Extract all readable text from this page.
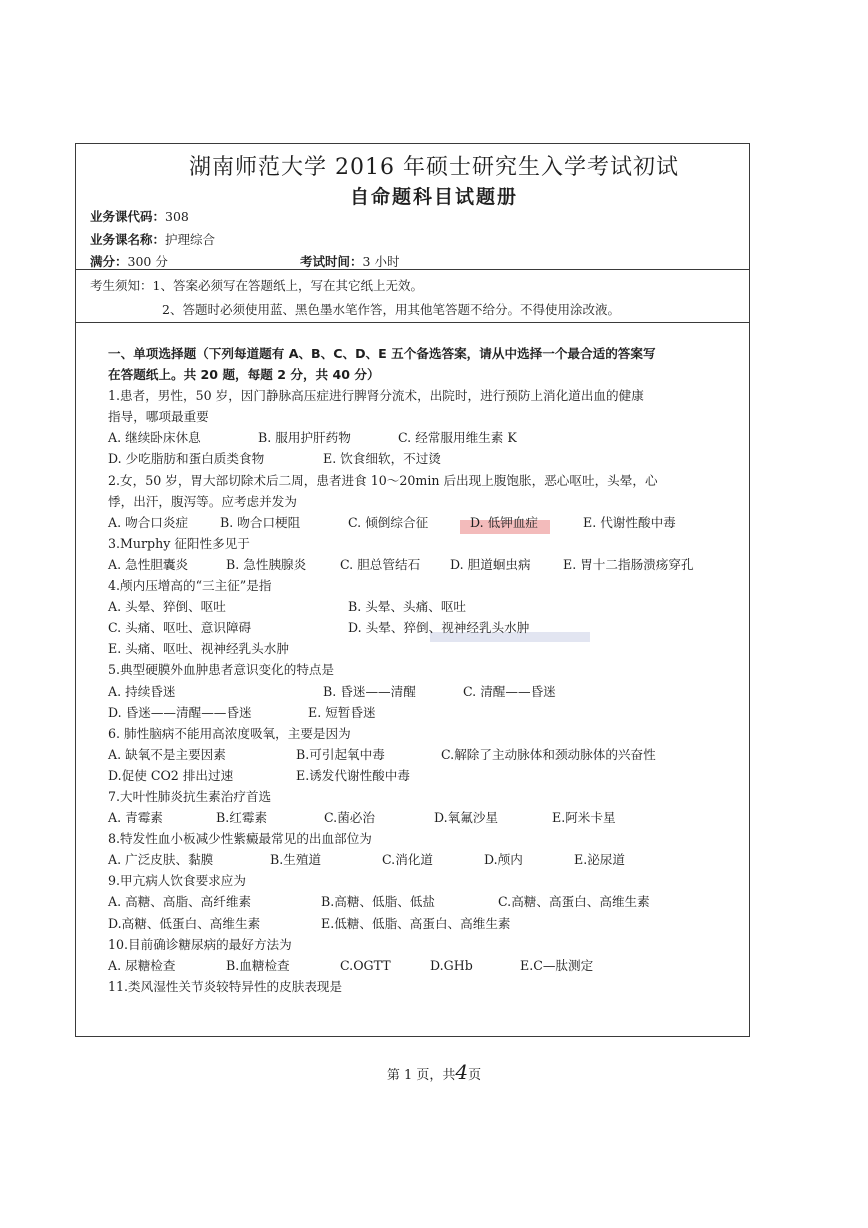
湖南师范大学 2016 年硕士研究生入学考试初试
自命题科目试题册
业务课代码：308
业务课名称：护理综合
满分：300 分	考试时间：3 小时
考生须知：1、答案必须写在答题纸上，写在其它纸上无效。
2、答题时必须使用蓝、黑色墨水笔作答，用其他笔答题不给分。不得使用涂改液。
一、单项选择题（下列每道题有 A、B、C、D、E 五个备选答案，请从中选择一个最合适的答案写
在答题纸上。共 20 题，每题 2 分，共 40 分）
1.患者，男性，50 岁，因门静脉高压症进行脾肾分流术，出院时，进行预防上消化道出血的健康
指导，哪项最重要
A. 继续卧床休息	B. 服用护肝药物	C. 经常服用维生素 K
D. 少吃脂肪和蛋白质类食物	E. 饮食细软，不过烫
2.女，50 岁，胃大部切除术后二周，患者进食 10～20min 后出现上腹饱胀，恶心呕吐，头晕，心
悸，出汗，腹泻等。应考虑并发为
A. 吻合口炎症	B. 吻合口梗阻	C. 倾倒综合征	D. 低钾血症	E. 代谢性酸中毒
3.Murphy 征阳性多见于
A. 急性胆囊炎	B. 急性胰腺炎	C. 胆总管结石 D. 胆道蛔虫病	E. 胃十二指肠溃疡穿孔
4.颅内压增高的“三主征”是指
A. 头晕、猝倒、呕吐	B. 头晕、头痛、呕吐
C. 头痛、呕吐、意识障碍	D. 头晕、猝倒、视神经乳头水肿
E. 头痛、呕吐、视神经乳头水肿
5.典型硬膜外血肿患者意识变化的特点是
A. 持续昏迷	B. 昏迷——清醒	C. 清醒——昏迷
D. 昏迷——清醒——昏迷	E. 短暂昏迷
6. 肺性脑病不能用高浓度吸氧，主要是因为
A. 缺氧不是主要因素	B.可引起氧中毒	C.解除了主动脉体和颈动脉体的兴奋性
D.促使 CO2 排出过速	E.诱发代谢性酸中毒
7.大叶性肺炎抗生素治疗首选
A. 青霉素	B.红霉素	C.菌必治	D.氧氟沙星	E.阿米卡星
8.特发性血小板减少性紫癜最常见的出血部位为
A. 广泛皮肤、黏膜	B.生殖道	C.消化道	D.颅内	E.泌尿道
9.甲亢病人饮食要求应为
A. 高糖、高脂、高纤维素	B.高糖、低脂、低盐	C.高糖、高蛋白、高维生素
D.高糖、低蛋白、高维生素	E.低糖、低脂、高蛋白、高维生素
10.目前确诊糖尿病的最好方法为
A. 尿糖检查	B.血糖检查	C.OGTT	D.GHb	E.C—肽测定
11.类风湿性关节炎较特异性的皮肤表现是
第 1 页，共4页
